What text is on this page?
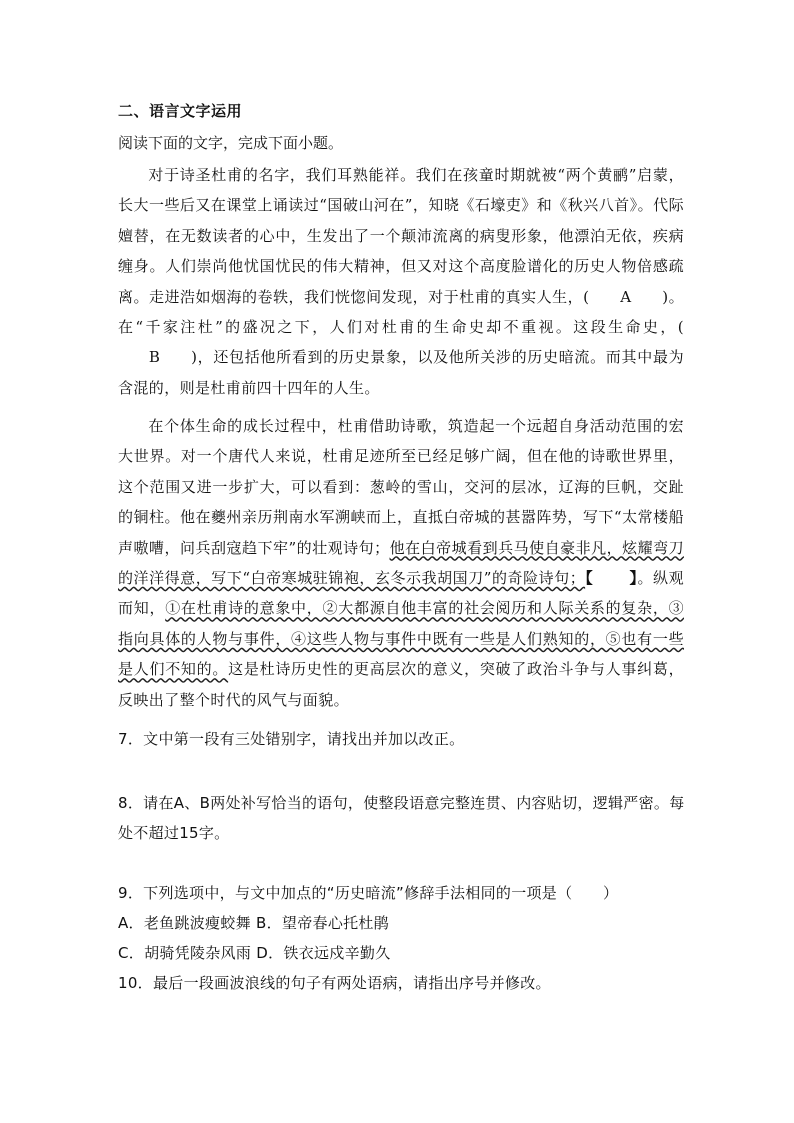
二、语言文字运用
阅读下面的文字，完成下面小题。
对于诗圣杜甫的名字，我们耳熟能祥。我们在孩童时期就被“两个黄鹂”启蒙，长大一些后又在课堂上诵读过“国破山河在”，知晓《石壕吏》和《秋兴八首》。代际嬗替，在无数读者的心中，生发出了一个颠沛流离的病叟形象，他漂泊无依，疾病缠身。人们崇尚他忧国忧民的伟大精神，但又对这个高度脸谱化的历史人物倍感疏离。走进浩如烟海的卷轶，我们恍惚间发现，对于杜甫的真实人生，(   A   )。在“千家注杜”的盛况之下，人们对杜甫的生命史却不重视。这段生命史，(  B   )，还包括他所看到的历史景象，以及他所关涉的历史暗流。而其中最为含混的，则是杜甫前四十四年的人生。
在个体生命的成长过程中，杜甫借助诗歌，筑造起一个远超自身活动范围的宏大世界。对一个唐代人来说，杜甫足迹所至已经足够广阔，但在他的诗歌世界里，这个范围又进一步扩大，可以看到：葱岭的雪山，交河的层冰，辽海的巨帆，交趾的铜柱。他在夔州亲历荆南水军溯峡而上，直抵白帝城的甚嚣阵势，写下“太常楼船声嗷嘈，问兵刮寇趋下牢”的壮观诗句；他在白帝城看到兵马使自豪非凡，炫耀弯刀的洋洋得意，写下“白帝寒城驻锦袍，玄冬示我胡国刀”的奇险诗句；【 】。纵观而知，①在杜甫诗的意象中，②大都源自他丰富的社会阅历和人际关系的复杂，③指向具体的人物与事件，④这些人物与事件中既有一些是人们熟知的，⑤也有一些是人们不知的。这是杜诗历史性的更高层次的意义，突破了政治斗争与人事纠葛，反映出了整个时代的风气与面貌。
7．文中第一段有三处错别字，请找出并加以改正。
8．请在A、B两处补写恰当的语句，使整段语意完整连贯、内容贴切，逻辑严密。每处不超过15字。
9．下列选项中，与文中加点的“历史暗流”修辞手法相同的一项是（　　）
A．老鱼跳波瘦蛟舞 B．望帝春心托杜鹃
C．胡骑凭陵杂风雨 D．铁衣远戍辛勤久
10．最后一段画波浪线的句子有两处语病，请指出序号并修改。
